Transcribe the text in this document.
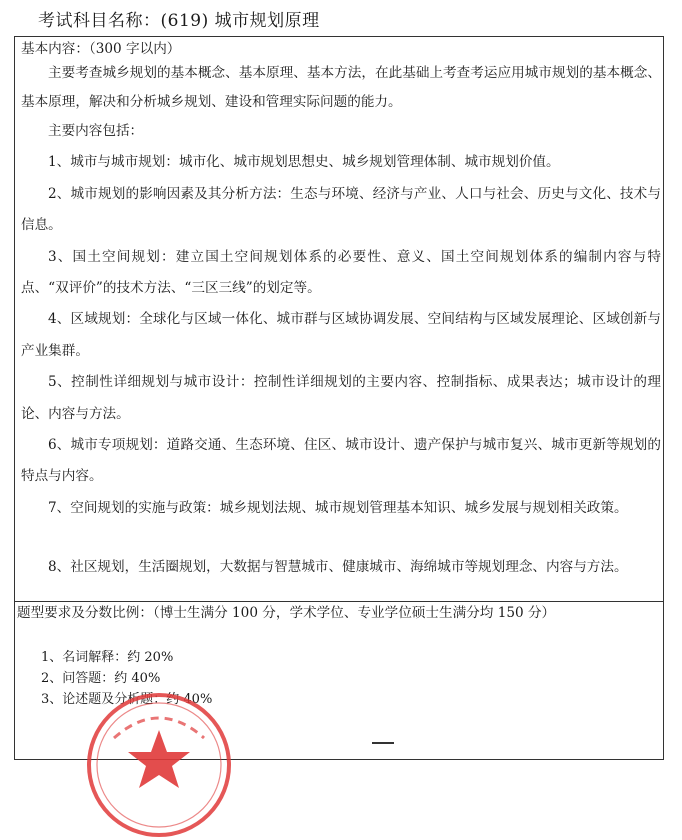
考试科目名称：(619) 城市规划原理
基本内容：（300 字以内）

主要考查城乡规划的基本概念、基本原理、基本方法，在此基础上考查考运应用城市规划的基本概念、基本原理，解决和分析城乡规划、建设和管理实际问题的能力。

主要内容包括：

1、城市与城市规划：城市化、城市规划思想史、城乡规划管理体制、城市规划价值。

2、城市规划的影响因素及其分析方法：生态与环境、经济与产业、人口与社会、历史与文化、技术与信息。

3、国土空间规划：建立国土空间规划体系的必要性、意义、国土空间规划体系的编制内容与特点、“双评价”的技术方法、“三区三线”的划定等。

4、区域规划：全球化与区域一体化、城市群与区域协调发展、空间结构与区域发展理论、区域创新与产业集群。

5、控制性详细规划与城市设计：控制性详细规划的主要内容、控制指标、成果表达；城市设计的理论、内容与方法。

6、城市专项规划：道路交通、生态环境、住区、城市设计、遗产保护与城市复兴、城市更新等规划的特点与内容。

7、空间规划的实施与政策：城乡规划法规、城市规划管理基本知识、城乡发展与规划相关政策。

8、社区规划，生活圈规划，大数据与智慧城市、健康城市、海绵城市等规划理念、内容与方法。

题型要求及分数比例：（博士生满分 100 分，学术学位、专业学位硕士生满分均 150 分）
1、名词解释：约 20%
2、问答题：约 40%
3、论述题及分析题：约 40%
